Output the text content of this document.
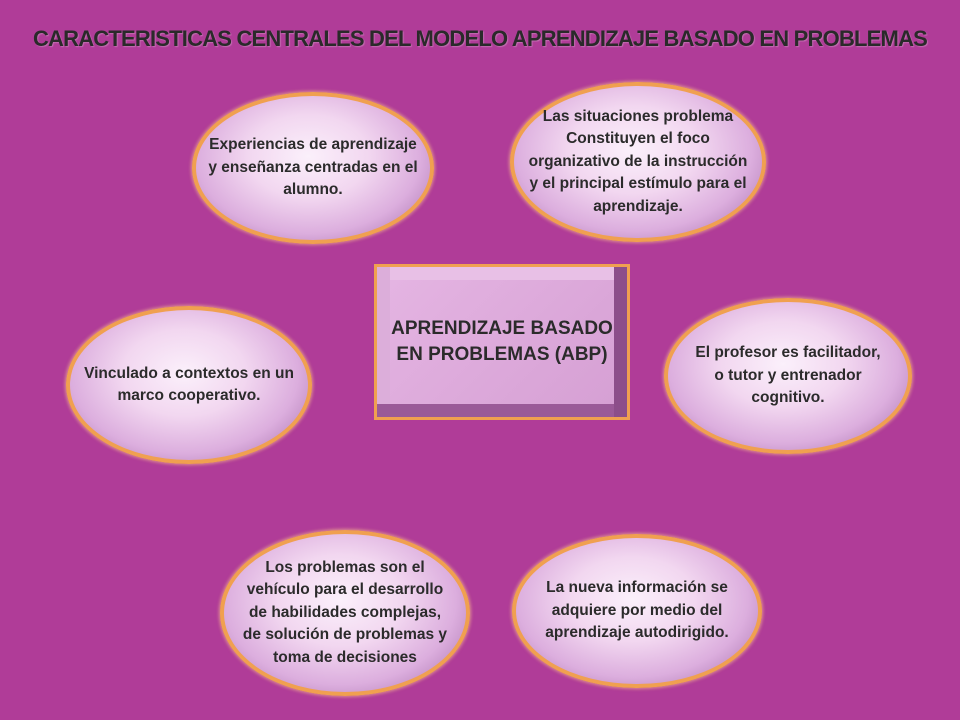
CARACTERISTICAS CENTRALES DEL MODELO APRENDIZAJE BASADO EN PROBLEMAS
Experiencias de aprendizaje
y enseñanza centradas en el
alumno.
Las situaciones problema
Constituyen el foco
organizativo de la instrucción
y el principal estímulo para el
aprendizaje.
Vinculado a contextos en un
marco cooperativo.
APRENDIZAJE BASADO
EN PROBLEMAS (ABP)	El profesor es facilitador,
o tutor y entrenador
cognitivo.
Los problemas son el
vehículo para el desarrollo
de habilidades complejas,
de solución de problemas y
toma de decisiones
La nueva información se
adquiere por medio del
aprendizaje autodirigido.
